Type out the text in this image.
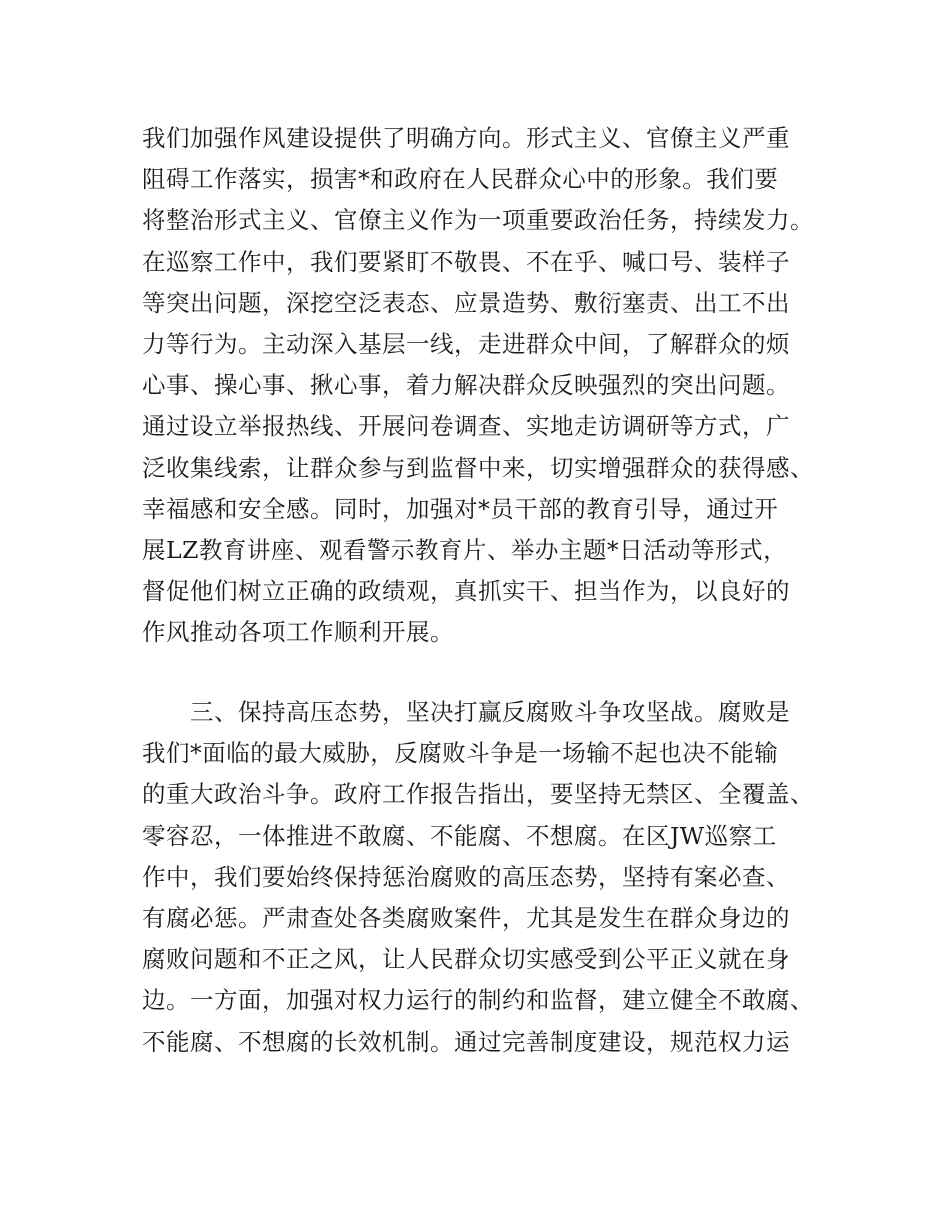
我们加强作风建设提供了明确方向。形式主义、官僚主义严重
阻碍工作落实，损害*和政府在人民群众心中的形象。我们要
将整治形式主义、官僚主义作为一项重要政治任务，持续发力。
在巡察工作中，我们要紧盯不敬畏、不在乎、喊口号、装样子
等突出问题，深挖空泛表态、应景造势、敷衍塞责、出工不出
力等行为。主动深入基层一线，走进群众中间，了解群众的烦
心事、操心事、揪心事，着力解决群众反映强烈的突出问题。
通过设立举报热线、开展问卷调查、实地走访调研等方式，广
泛收集线索，让群众参与到监督中来，切实增强群众的获得感、
幸福感和安全感。同时，加强对*员干部的教育引导，通过开
展LZ教育讲座、观看警示教育片、举办主题*日活动等形式，
督促他们树立正确的政绩观，真抓实干、担当作为，以良好的
作风推动各项工作顺利开展。
三、保持高压态势，坚决打赢反腐败斗争攻坚战。腐败是
我们*面临的最大威胁，反腐败斗争是一场输不起也决不能输
的重大政治斗争。政府工作报告指出，要坚持无禁区、全覆盖、
零容忍，一体推进不敢腐、不能腐、不想腐。在区JW巡察工
作中，我们要始终保持惩治腐败的高压态势，坚持有案必查、
有腐必惩。严肃查处各类腐败案件，尤其是发生在群众身边的
腐败问题和不正之风，让人民群众切实感受到公平正义就在身
边。一方面，加强对权力运行的制约和监督，建立健全不敢腐、
不能腐、不想腐的长效机制。通过完善制度建设，规范权力运
